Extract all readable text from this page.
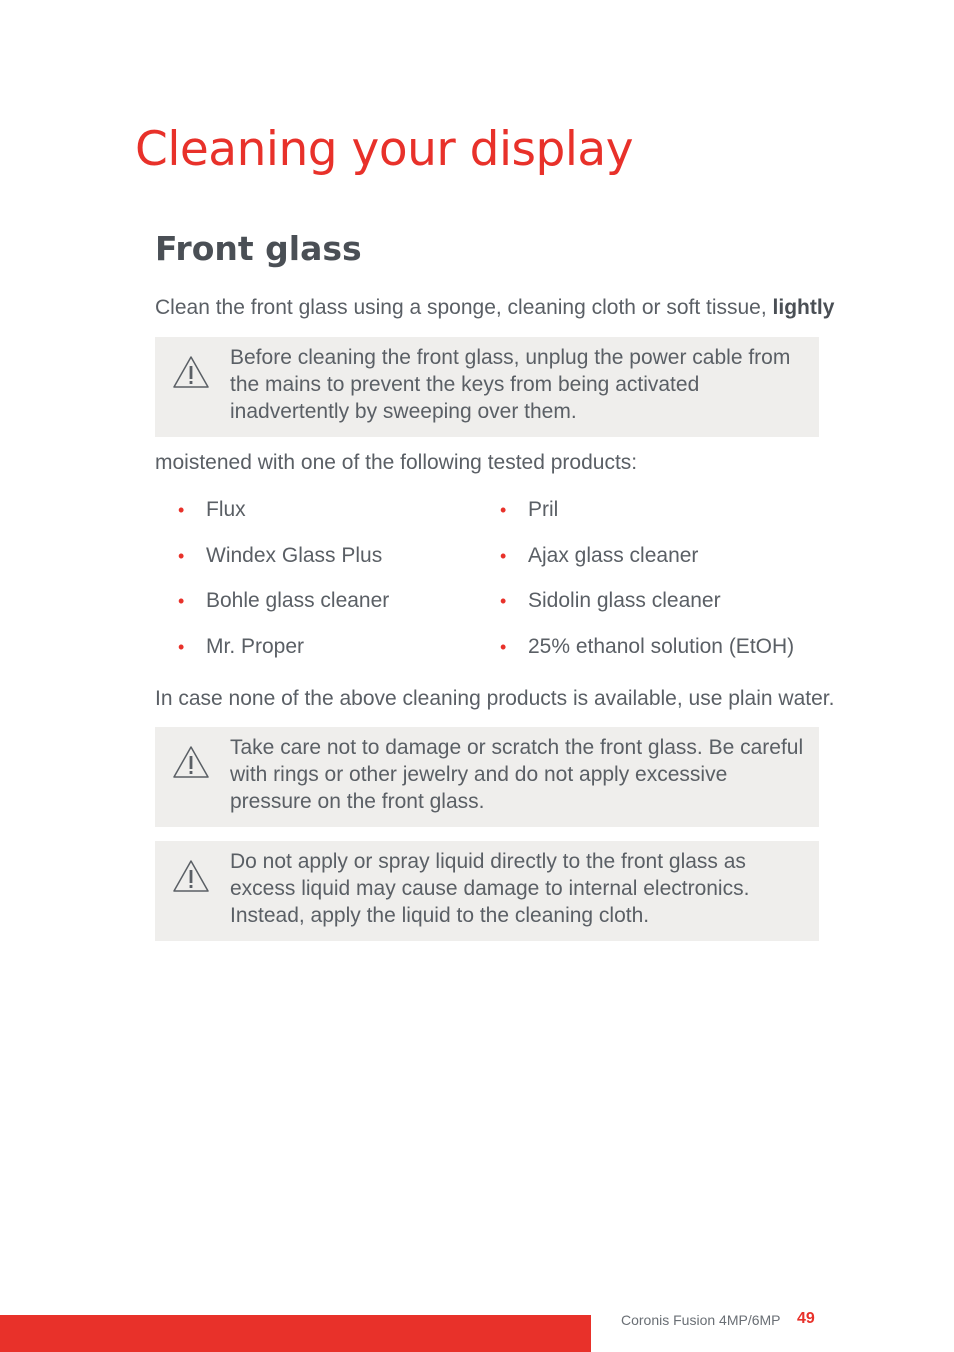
Cleaning your display
Front glass

Clean the front glass using a sponge, cleaning cloth or soft tissue, lightly

Before cleaning the front glass, unplug the power cable from the mains to prevent the keys from being activated inadvertently by sweeping over them.

moistened with one of the following tested products:

• Flux
• Windex Glass Plus
• Bohle glass cleaner
• Mr. Proper
• Pril
• Ajax glass cleaner
• Sidolin glass cleaner
• 25% ethanol solution (EtOH)

In case none of the above cleaning products is available, use plain water.

Take care not to damage or scratch the front glass. Be careful with rings or other jewelry and do not apply excessive pressure on the front glass.
Do not apply or spray liquid directly to the front glass as excess liquid may cause damage to internal electronics. Instead, apply the liquid to the cleaning cloth.
Coronis Fusion 4MP/6MP 49
